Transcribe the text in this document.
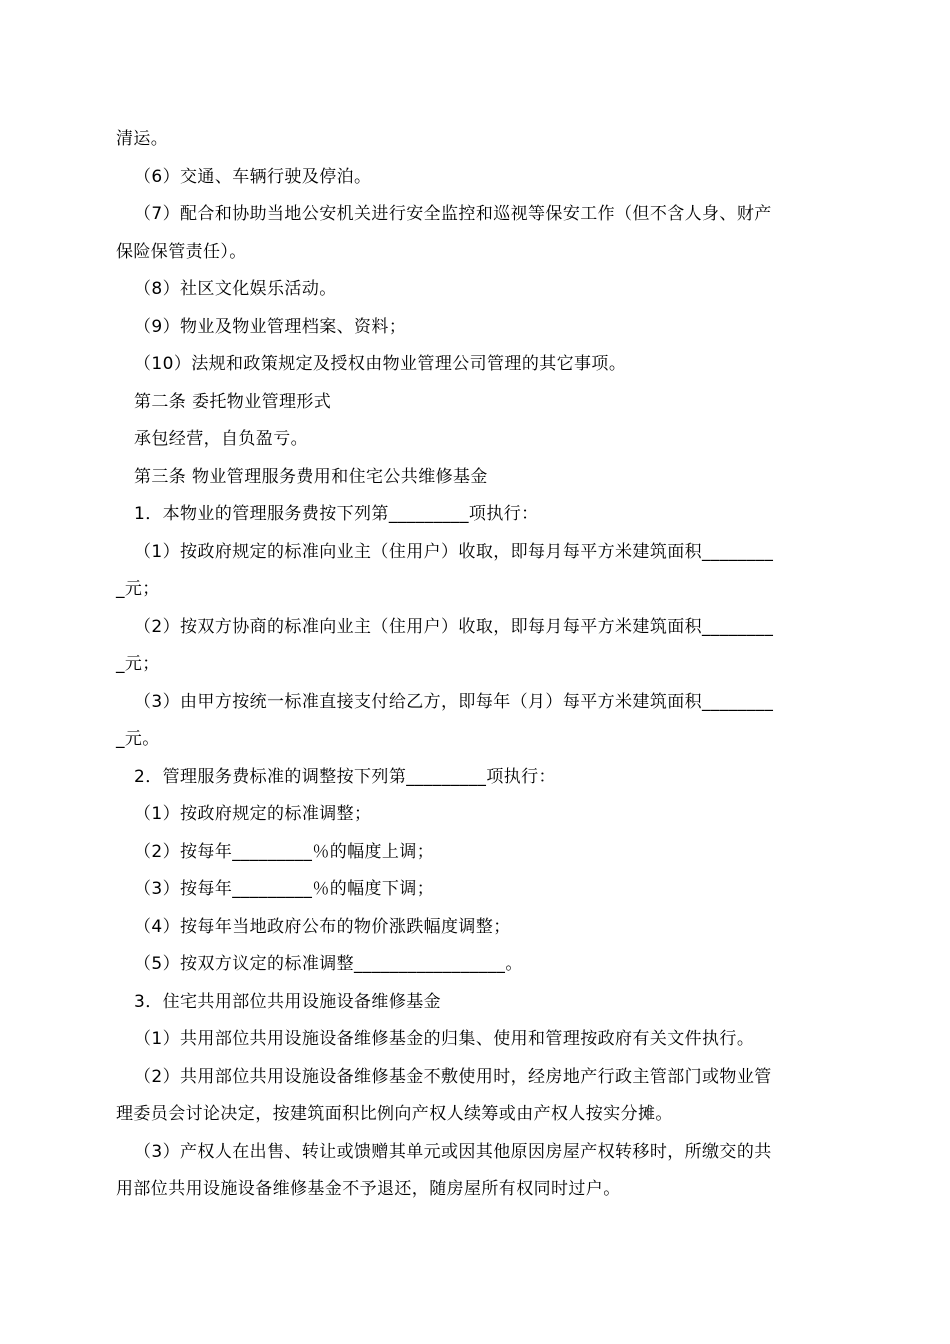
清运。
（6）交通、车辆行驶及停泊。
（7）配合和协助当地公安机关进行安全监控和巡视等保安工作（但不含人身、财产
保险保管责任）。
（8）社区文化娱乐活动。
（9）物业及物业管理档案、资料；
（10）法规和政策规定及授权由物业管理公司管理的其它事项。
第二条 委托物业管理形式
承包经营，自负盈亏。
第三条 物业管理服务费用和住宅公共维修基金
1．本物业的管理服务费按下列第_________项执行：
（1）按政府规定的标准向业主（住用户）收取，即每月每平方米建筑面积________
_元；
（2）按双方协商的标准向业主（住用户）收取，即每月每平方米建筑面积________
_元；
（3）由甲方按统一标准直接支付给乙方，即每年（月）每平方米建筑面积________
_元。
2．管理服务费标准的调整按下列第_________项执行：
（1）按政府规定的标准调整；
（2）按每年_________％的幅度上调；
（3）按每年_________％的幅度下调；
（4）按每年当地政府公布的物价涨跌幅度调整；
（5）按双方议定的标准调整_________________。
3．住宅共用部位共用设施设备维修基金
（1）共用部位共用设施设备维修基金的归集、使用和管理按政府有关文件执行。
（2）共用部位共用设施设备维修基金不敷使用时，经房地产行政主管部门或物业管
理委员会讨论决定，按建筑面积比例向产权人续筹或由产权人按实分摊。
（3）产权人在出售、转让或馈赠其单元或因其他原因房屋产权转移时，所缴交的共
用部位共用设施设备维修基金不予退还，随房屋所有权同时过户。
